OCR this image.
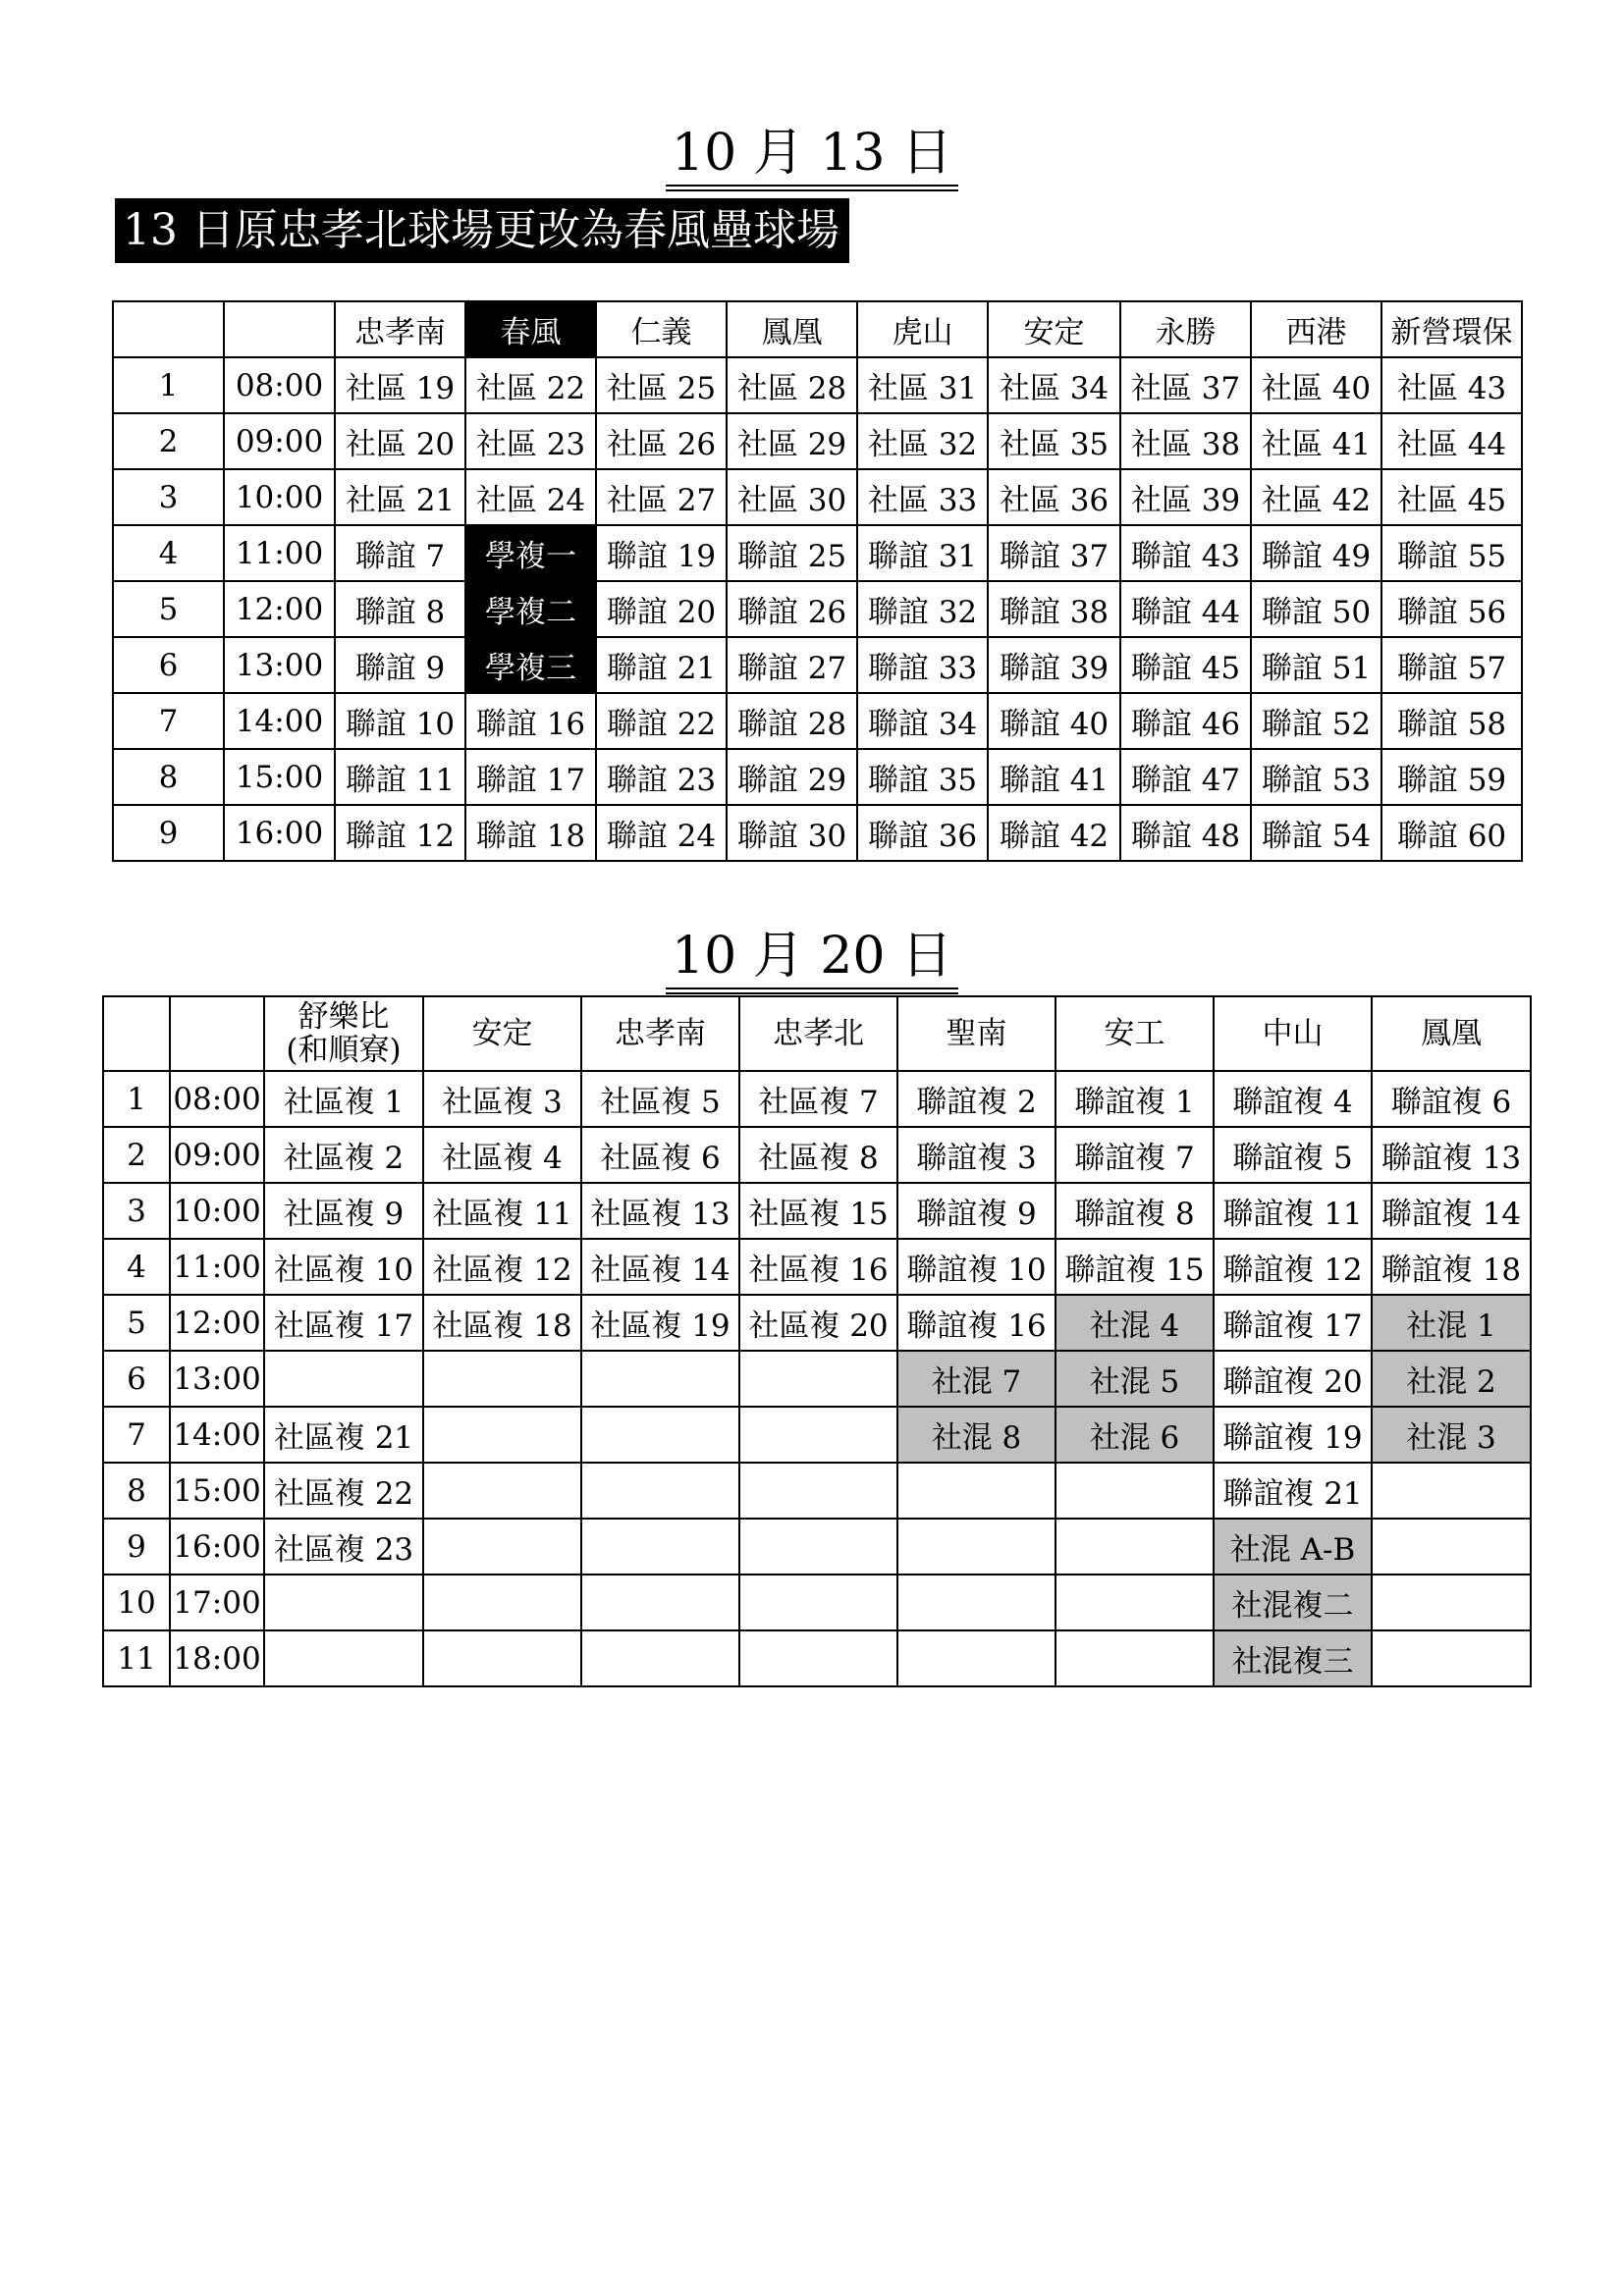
10 月 13 日
13 日原忠孝北球場更改為春風壘球場
		忠孝南	春風	仁義	鳳凰	虎山	安定	永勝	西港	新營環保
1	08:00	社區 19	社區 22	社區 25	社區 28	社區 31	社區 34	社區 37	社區 40	社區 43
2	09:00	社區 20	社區 23	社區 26	社區 29	社區 32	社區 35	社區 38	社區 41	社區 44
3	10:00	社區 21	社區 24	社區 27	社區 30	社區 33	社區 36	社區 39	社區 42	社區 45
4	11:00	聯誼 7	學複一	聯誼 19	聯誼 25	聯誼 31	聯誼 37	聯誼 43	聯誼 49	聯誼 55
5	12:00	聯誼 8	學複二	聯誼 20	聯誼 26	聯誼 32	聯誼 38	聯誼 44	聯誼 50	聯誼 56
6	13:00	聯誼 9	學複三	聯誼 21	聯誼 27	聯誼 33	聯誼 39	聯誼 45	聯誼 51	聯誼 57
7	14:00	聯誼 10	聯誼 16	聯誼 22	聯誼 28	聯誼 34	聯誼 40	聯誼 46	聯誼 52	聯誼 58
8	15:00	聯誼 11	聯誼 17	聯誼 23	聯誼 29	聯誼 35	聯誼 41	聯誼 47	聯誼 53	聯誼 59
9	16:00	聯誼 12	聯誼 18	聯誼 24	聯誼 30	聯誼 36	聯誼 42	聯誼 48	聯誼 54	聯誼 60
10 月 20 日
		舒樂比
(和順寮)	安定	忠孝南	忠孝北	聖南	安工	中山	鳳凰
1	08:00	社區複 1	社區複 3	社區複 5	社區複 7	聯誼複 2	聯誼複 1	聯誼複 4	聯誼複 6
2	09:00	社區複 2	社區複 4	社區複 6	社區複 8	聯誼複 3	聯誼複 7	聯誼複 5	聯誼複 13
3	10:00	社區複 9	社區複 11	社區複 13	社區複 15	聯誼複 9	聯誼複 8	聯誼複 11	聯誼複 14
4	11:00	社區複 10	社區複 12	社區複 14	社區複 16	聯誼複 10	聯誼複 15	聯誼複 12	聯誼複 18
5	12:00	社區複 17	社區複 18	社區複 19	社區複 20	聯誼複 16	社混 4	聯誼複 17	社混 1
6	13:00					社混 7	社混 5	聯誼複 20	社混 2
7	14:00	社區複 21				社混 8	社混 6	聯誼複 19	社混 3
8	15:00	社區複 22						聯誼複 21	
9	16:00	社區複 23						社混 A-B	
10	17:00							社混複二	
11	18:00							社混複三	
